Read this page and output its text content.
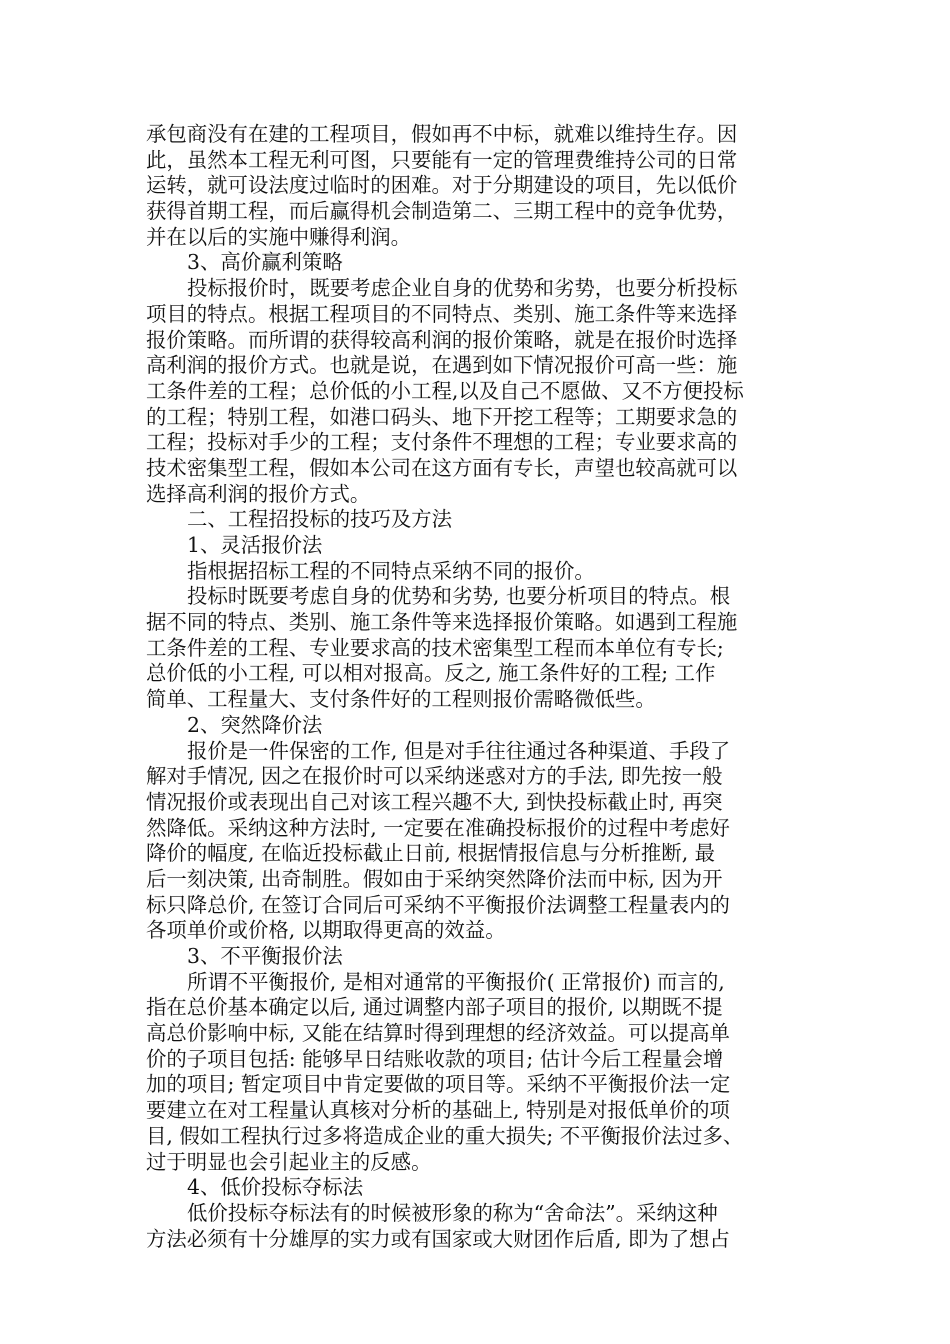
承包商没有在建的工程项目，假如再不中标，就难以维持生存。因
此，虽然本工程无利可图，只要能有一定的管理费维持公司的日常
运转，就可设法度过临时的困难。对于分期建设的项目，先以低价
获得首期工程，而后赢得机会制造第二、三期工程中的竞争优势，
并在以后的实施中赚得利润。
3、高价赢利策略
投标报价时，既要考虑企业自身的优势和劣势，也要分析投标
项目的特点。根据工程项目的不同特点、类别、施工条件等来选择
报价策略。而所谓的获得较高利润的报价策略，就是在报价时选择
高利润的报价方式。也就是说，在遇到如下情况报价可高一些：施
工条件差的工程；总价低的小工程,以及自己不愿做、又不方便投标
的工程；特别工程，如港口码头、地下开挖工程等；工期要求急的
工程；投标对手少的工程；支付条件不理想的工程；专业要求高的
技术密集型工程，假如本公司在这方面有专长，声望也较高就可以
选择高利润的报价方式。
二、工程招投标的技巧及方法
1、灵活报价法
指根据招标工程的不同特点采纳不同的报价。
投标时既要考虑自身的优势和劣势, 也要分析项目的特点。根
据不同的特点、类别、施工条件等来选择报价策略。如遇到工程施
工条件差的工程、专业要求高的技术密集型工程而本单位有专长;
总价低的小工程, 可以相对报高。反之, 施工条件好的工程; 工作
简单、工程量大、支付条件好的工程则报价需略微低些。
2、突然降价法
报价是一件保密的工作, 但是对手往往通过各种渠道、手段了
解对手情况, 因之在报价时可以采纳迷惑对方的手法, 即先按一般
情况报价或表现出自己对该工程兴趣不大, 到快投标截止时, 再突
然降低。采纳这种方法时, 一定要在准确投标报价的过程中考虑好
降价的幅度, 在临近投标截止日前, 根据情报信息与分析推断, 最
后一刻决策, 出奇制胜。假如由于采纳突然降价法而中标, 因为开
标只降总价, 在签订合同后可采纳不平衡报价法调整工程量表内的
各项单价或价格, 以期取得更高的效益。
3、不平衡报价法
所谓不平衡报价, 是相对通常的平衡报价( 正常报价) 而言的,
指在总价基本确定以后, 通过调整内部子项目的报价, 以期既不提
高总价影响中标, 又能在结算时得到理想的经济效益。可以提高单
价的子项目包括: 能够早日结账收款的项目; 估计今后工程量会增
加的项目; 暂定项目中肯定要做的项目等。采纳不平衡报价法一定
要建立在对工程量认真核对分析的基础上, 特别是对报低单价的项
目, 假如工程执行过多将造成企业的重大损失; 不平衡报价法过多、
过于明显也会引起业主的反感。
4、低价投标夺标法
低价投标夺标法有的时候被形象的称为“舍命法”。采纳这种
方法必须有十分雄厚的实力或有国家或大财团作后盾, 即为了想占
